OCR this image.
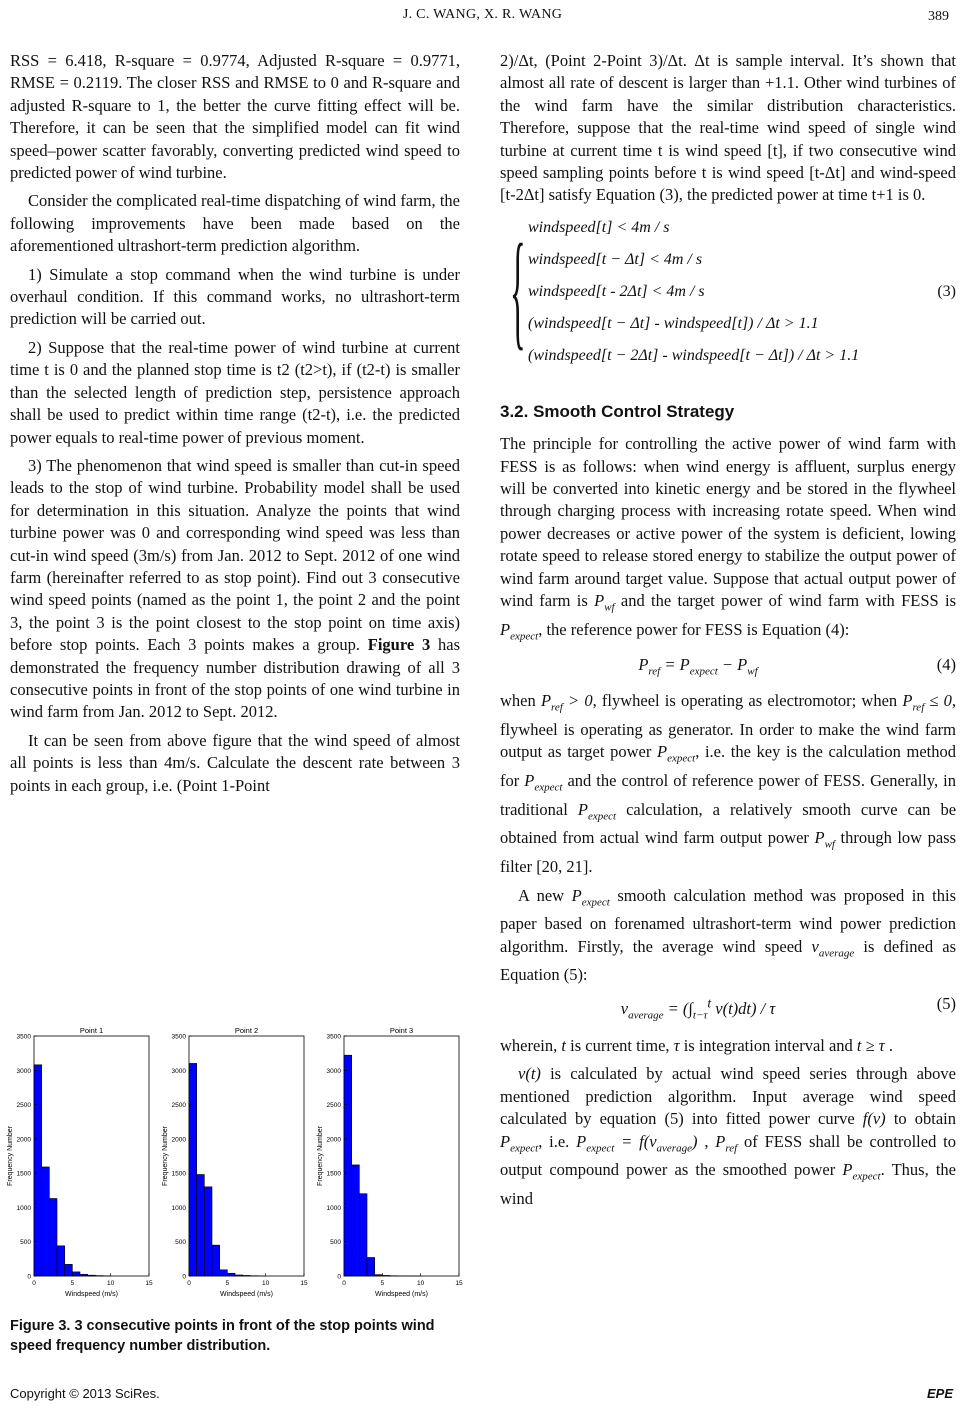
J. C. WANG, X. R. WANG	389

RSS = 6.418, R-square = 0.9774, Adjusted R-square = 0.9771, RMSE = 0.2119. The closer RSS and RMSE to 0 and R-square and adjusted R-square to 1, the better the curve fitting effect will be. Therefore, it can be seen that the simplified model can fit wind speed–power scatter favorably, converting predicted wind speed to predicted power of wind turbine.

Consider the complicated real-time dispatching of wind farm, the following improvements have been made based on the aforementioned ultrashort-term prediction algorithm.

1) Simulate a stop command when the wind turbine is under overhaul condition. If this command works, no ultrashort-term prediction will be carried out.

2) Suppose that the real-time power of wind turbine at current time t is 0 and the planned stop time is t2 (t2>t), if (t2-t) is smaller than the selected length of prediction step, persistence approach shall be used to predict within time range (t2-t), i.e. the predicted power equals to real-time power of previous moment.

3) The phenomenon that wind speed is smaller than cut-in speed leads to the stop of wind turbine. Probability model shall be used for determination in this situation. Analyze the points that wind turbine power was 0 and corresponding wind speed was less than cut-in wind speed (3m/s) from Jan. 2012 to Sept. 2012 of one wind farm (hereinafter referred to as stop point). Find out 3 consecutive wind speed points (named as the point 1, the point 2 and the point 3, the point 3 is the point closest to the stop point on time axis) before stop points. Each 3 points makes a group. Figure 3 has demonstrated the frequency number distribution drawing of all 3 consecutive points in front of the stop points of one wind turbine in wind farm from Jan. 2012 to Sept. 2012.

It can be seen from above figure that the wind speed of almost all points is less than 4m/s. Calculate the descent rate between 3 points in each group, i.e. (Point 1-Point

Point 1
0
500
1000
1500
2000
2500
3000
3500
0	5	10	15
Windspeed (m/s)
Frequency Number
Point 2
0
500
1000
1500
2000
2500
3000
3500
0	5	10	15
Windspeed (m/s)
Frequency Number
Point 3
0
500
1000
1500
2000
2500
3000
3500
0	5	10	15
Windspeed (m/s)
Frequency Number
Figure 3. 3 consecutive points in front of the stop points wind speed frequency number distribution.

2)/Δt, (Point 2-Point 3)/Δt. Δt is sample interval. It’s shown that almost all rate of descent is larger than +1.1. Other wind turbines of the wind farm have the similar distribution characteristics. Therefore, suppose that the real-time wind speed of single wind turbine at current time t is wind speed [t], if two consecutive wind speed sampling points before t is wind speed [t-Δt] and wind-speed [t-2Δt] satisfy Equation (3), the predicted power at time t+1 is 0.

{ windspeed[t] < 4m / s
windspeed[t − Δt] < 4m / s
windspeed[t - 2Δt] < 4m / s
(windspeed[t − Δt] - windspeed[t]) / Δt > 1.1
(windspeed[t − 2Δt] - windspeed[t − Δt]) / Δt > 1.1
(3)
3.2. Smooth Control Strategy

The principle for controlling the active power of wind farm with FESS is as follows: when wind energy is affluent, surplus energy will be converted into kinetic energy and be stored in the flywheel through charging process with increasing rotate speed. When wind power decreases or active power of the system is deficient, lowing rotate speed to release stored energy to stabilize the output power of wind farm around target value. Suppose that actual output power of wind farm is $P_{wf}$ and the target power of wind farm with FESS is $P_{expect}$, the reference power for FESS is Equation (4):

$P_{ref} = P_{expect} - P_{wf}$	(4)

when $P_{ref} > 0$, flywheel is operating as electromotor; when $P_{ref} \le 0$, flywheel is operating as generator. In order to make the wind farm output as target power $P_{expect}$, i.e. the key is the calculation method for $P_{expect}$ and the control of reference power of FESS. Generally, in traditional $P_{expect}$ calculation, a relatively smooth curve can be obtained from actual wind farm output power $P_{wf}$ through low pass filter [20, 21].

A new $P_{expect}$ smooth calculation method was proposed in this paper based on forenamed ultrashort-term wind power prediction algorithm. Firstly, the average wind speed $v_{average}$ is defined as Equation (5):

$v_{average} = (\int_{t-\tau}^t$ v(t)dt) / τ	(5)

wherein, t is current time, τ is integration interval and t ≥ τ .

v(t) is calculated by actual wind speed series through above mentioned prediction algorithm. Input average wind speed calculated by equation (5) into fitted power curve f(v) to obtain $P_{expect}$, i.e. $P_{expect} = f(v_{average})$ , $P_{ref}$ of FESS shall be controlled to output compound power as the smoothed power $P_{expect}$. Thus, the wind

Copyright © 2013 SciRes.	EPE
